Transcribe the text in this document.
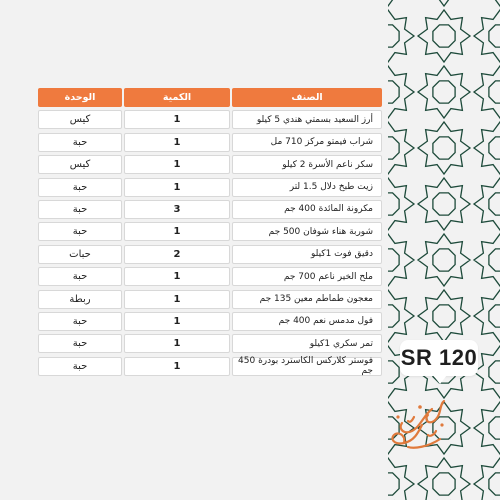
الوحدة	الكمية	الصنف
كيس	1	أرز السعيد بسمتي هندي 5 كيلو
حبة	1	شراب فيمتو مركز 710 مل
كيس	1	سكر ناعم الأسرة 2 كيلو
حبة	1	زيت طبخ دلال 1.5 لتر
حبة	3	مكرونة المائدة 400 جم
حبة	1	شوربة هناء شوفان 500 جم
حبات	2	دقيق فوت 1كيلو
حبة	1	ملح الخير ناعم 700 جم
ربطة	1	معجون طماطم معين 135 جم
حبة	1	فول مدمس نعم 400 جم
حبة	1	تمر سكري 1كيلو
حبة	1	فوستر كلاركس الكاسترد بودرة 450 جم
SR 120
